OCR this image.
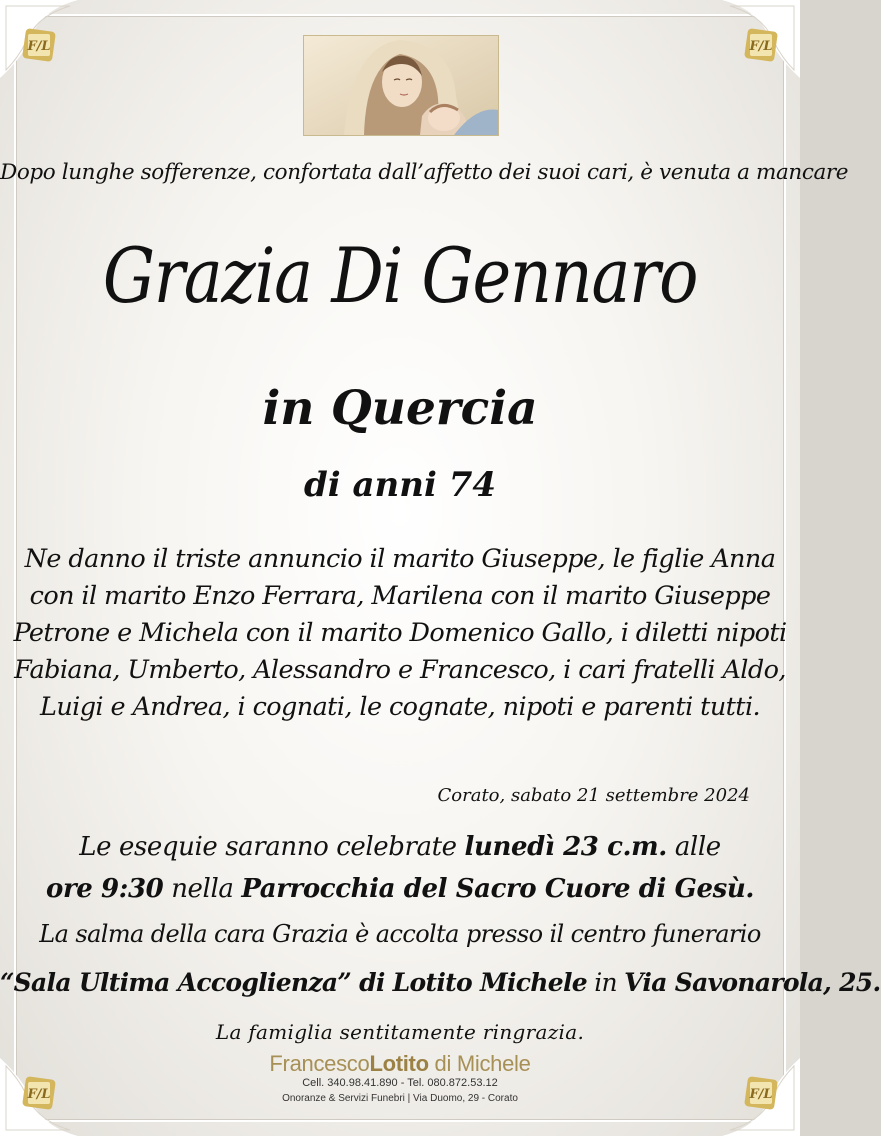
F/L	F/L
F/L	F/L
Dopo lunghe sofferenze, confortata dall’affetto dei suoi cari, è venuta a mancare
Grazia Di Gennaro
in Quercia
di anni 74
Ne danno il triste annuncio il marito Giuseppe, le figlie Anna
con il marito Enzo Ferrara, Marilena con il marito Giuseppe
Petrone e Michela con il marito Domenico Gallo, i diletti nipoti
Fabiana, Umberto, Alessandro e Francesco, i cari fratelli Aldo,
Luigi e Andrea, i cognati, le cognate, nipoti e parenti tutti.
Corato, sabato 21 settembre 2024
Le esequie saranno celebrate lunedì 23 c.m. alle
ore 9:30 nella Parrocchia del Sacro Cuore di Gesù.
La salma della cara Grazia è accolta presso il centro funerario
“Sala Ultima Accoglienza” di Lotito Michele in Via Savonarola, 25.
La famiglia sentitamente ringrazia.
FrancescoLotito di Michele
Cell. 340.98.41.890 - Tel. 080.872.53.12
Onoranze & Servizi Funebri | Via Duomo, 29 - Corato
